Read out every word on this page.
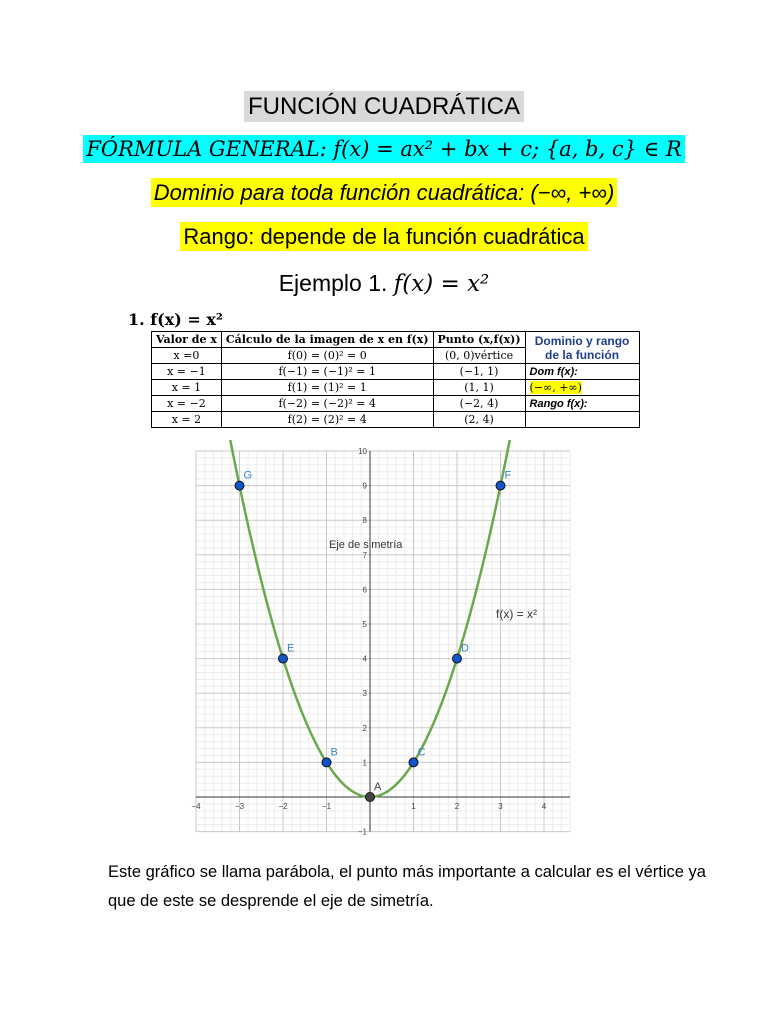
FUNCIÓN CUADRÁTICA
FÓRMULA GENERAL: f(x) = ax² + bx + c; {a, b, c} ∈ R
Dominio para toda función cuadrática: (−∞, +∞)
Rango: depende de la función cuadrática
Ejemplo 1. f(x) = x²
1. f(x) = x²
Valor de x	Cálculo de la imagen de x en f(x)	Punto (x,f(x))	Dominio y rango de la función
x =0	f(0) = (0)² = 0	(0, 0)vértice	
x = −1	f(−1) = (−1)² = 1	(−1, 1)	Dom f(x):
x = 1	f(1) = (1)² = 1	(1, 1)	(−∞, +∞)
x = −2	f(−2) = (−2)² = 4	(−2, 4)	Rango f(x):
x = 2	f(2) = (2)² = 4	(2, 4)	
−4	−3	−2	−1	1	2	3	4
−1
1
2
3
4
5
6
7
8
9
10
A
B	C
D
E
F
G
Eje de simetría
f(x) = x²
Este gráfico se llama parábola, el punto más importante a calcular es el vértice ya que de este se desprende el eje de simetría.
